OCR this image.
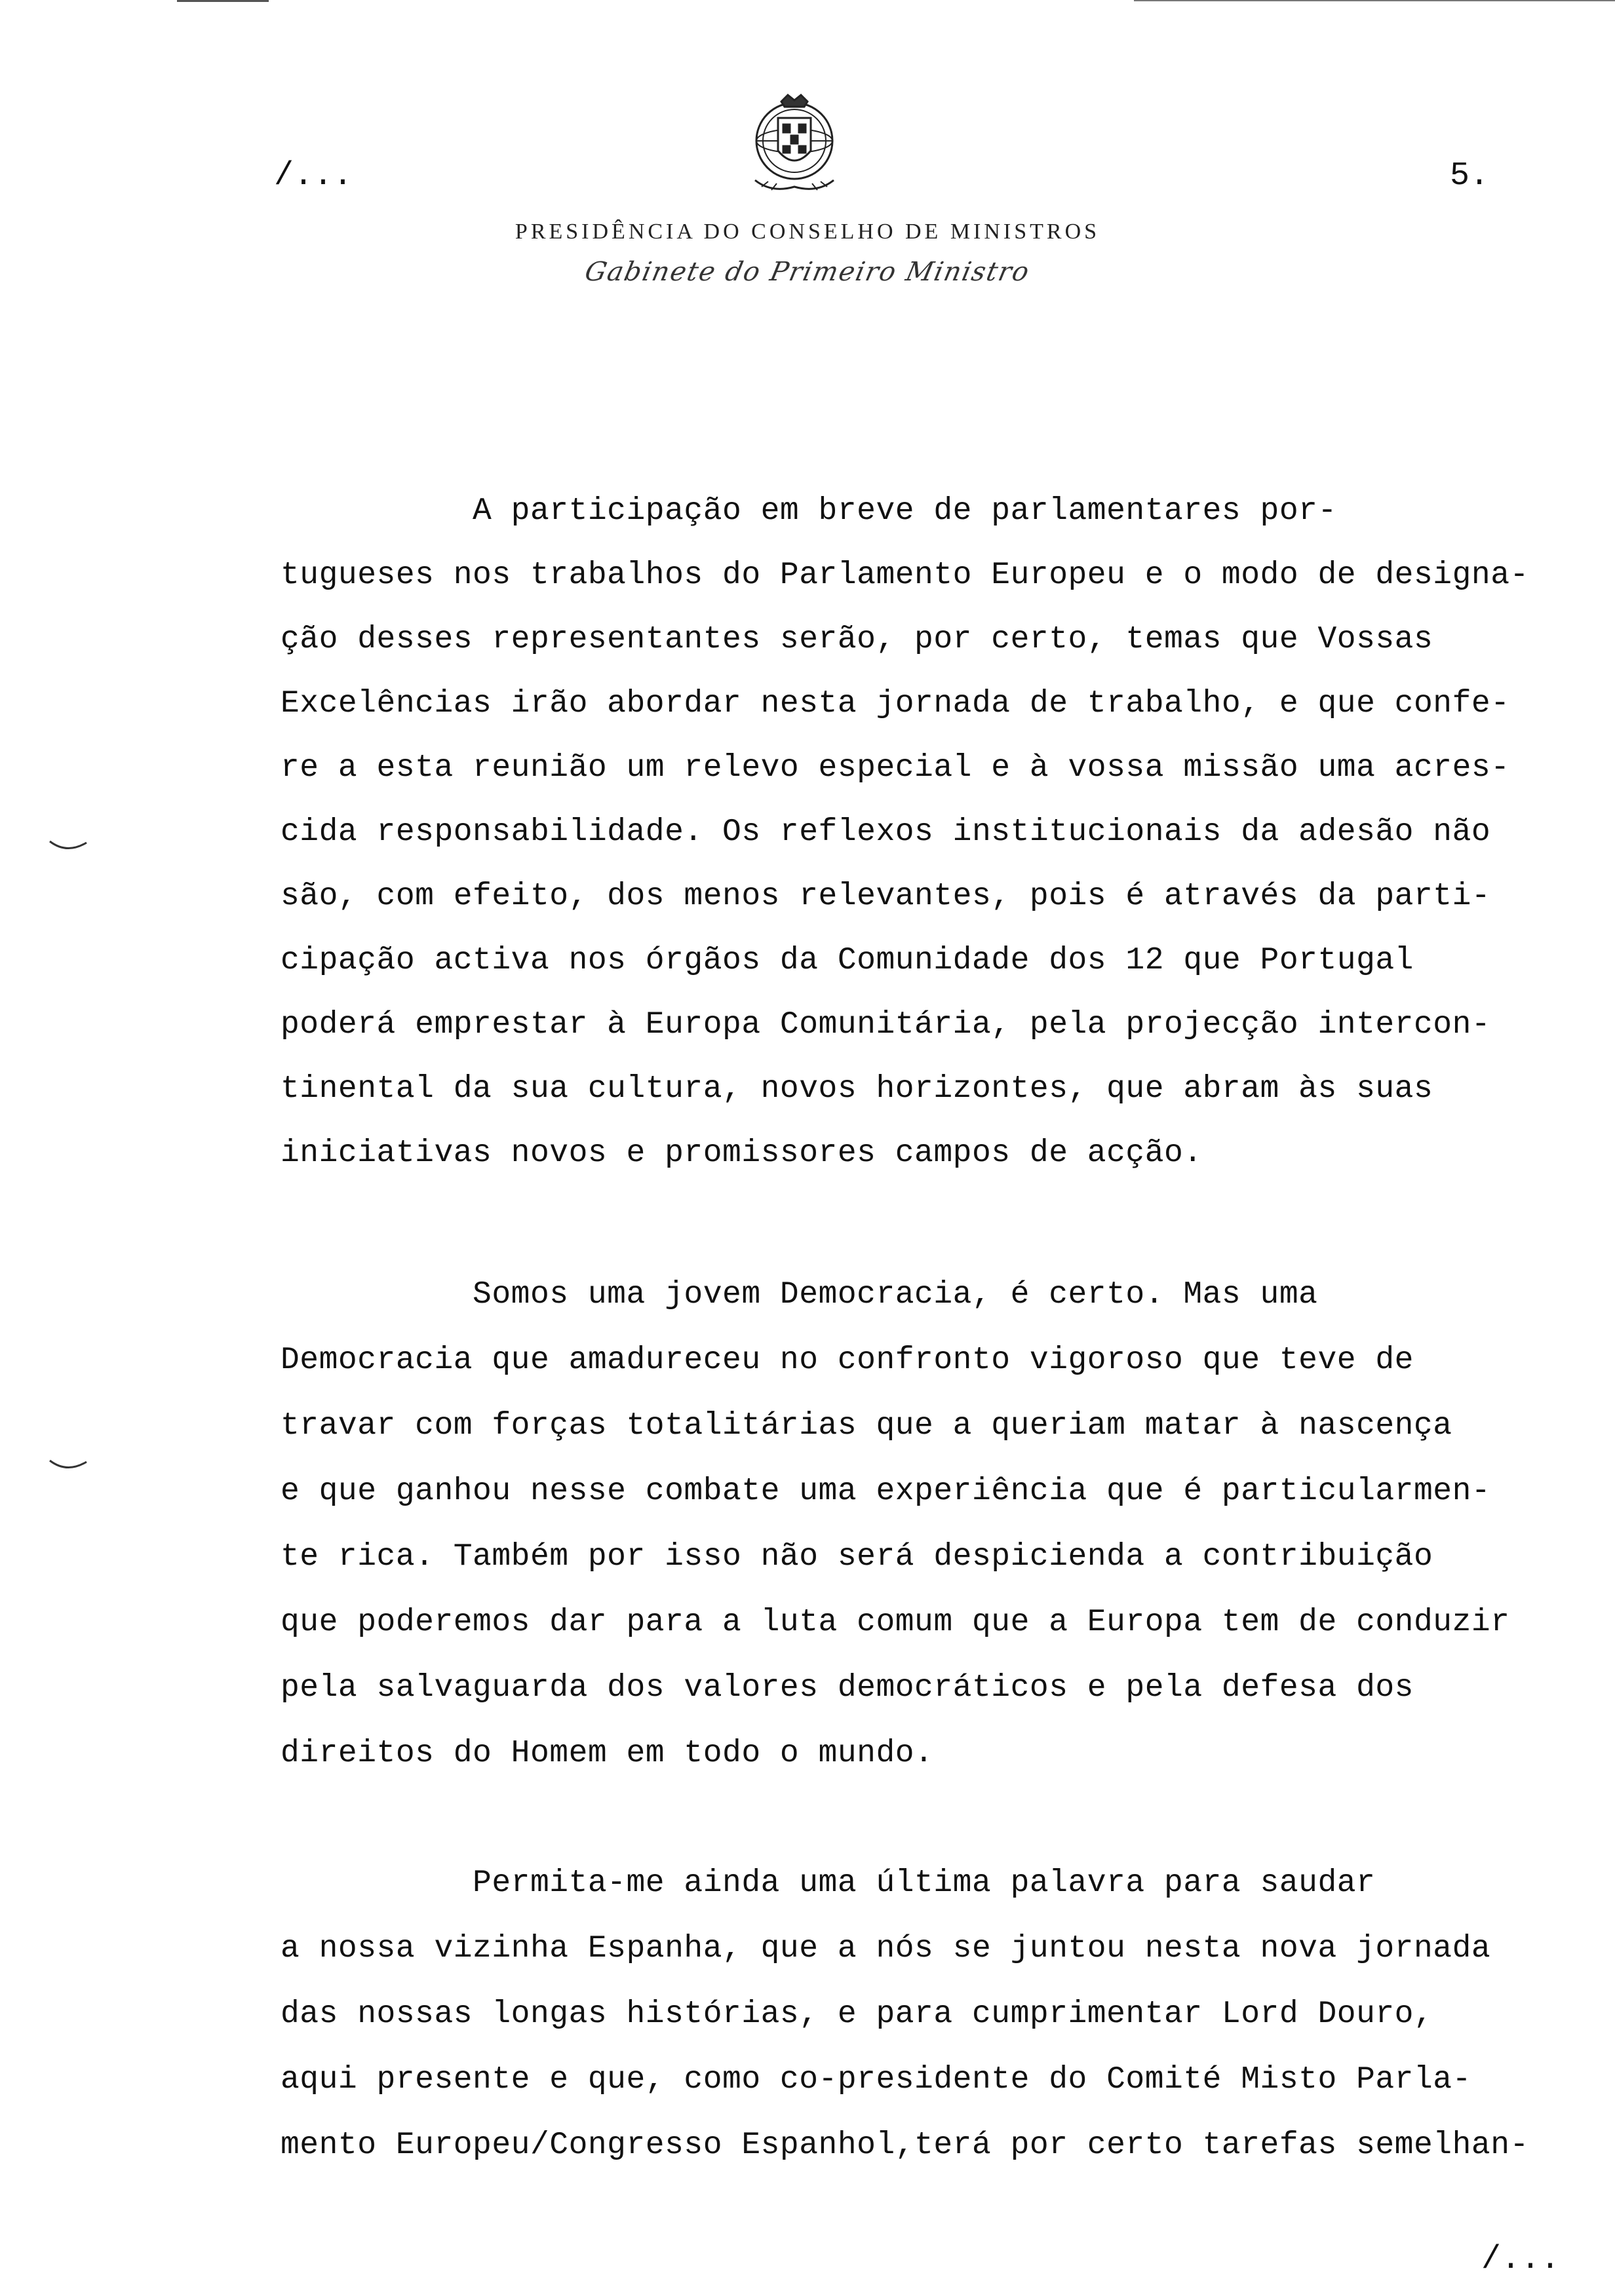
/...	5.
PRESIDÊNCIA DO CONSELHO DE MINISTROS
Gabinete do Primeiro Ministro
A participação em breve de parlamentares por-
tugueses nos trabalhos do Parlamento Europeu e o modo de designa-
ção desses representantes serão, por certo, temas que Vossas
Excelências irão abordar nesta jornada de trabalho, e que confe-
re a esta reunião um relevo especial e à vossa missão uma acres-
cida responsabilidade. Os reflexos institucionais da adesão não
são, com efeito, dos menos relevantes, pois é através da parti-
cipação activa nos órgãos da Comunidade dos 12 que Portugal
poderá emprestar à Europa Comunitária, pela projecção intercon-
tinental da sua cultura, novos horizontes, que abram às suas
iniciativas novos e promissores campos de acção.
Somos uma jovem Democracia, é certo. Mas uma
Democracia que amadureceu no confronto vigoroso que teve de
travar com forças totalitárias que a queriam matar à nascença
e que ganhou nesse combate uma experiência que é particularmen-
te rica. Também por isso não será despicienda a contribuição
que poderemos dar para a luta comum que a Europa tem de conduzir
pela salvaguarda dos valores democráticos e pela defesa dos
direitos do Homem em todo o mundo.
Permita-me ainda uma última palavra para saudar
a nossa vizinha Espanha, que a nós se juntou nesta nova jornada
das nossas longas histórias, e para cumprimentar Lord Douro,
aqui presente e que, como co-presidente do Comité Misto Parla-
mento Europeu/Congresso Espanhol,terá por certo tarefas semelhan-
/...
